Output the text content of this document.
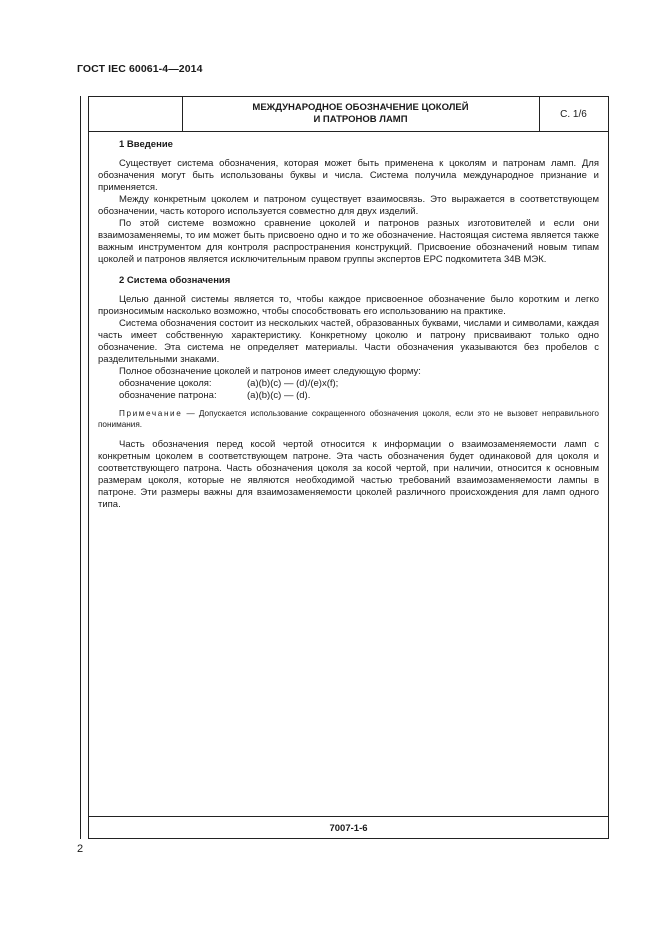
ГОСТ IEC 60061-4—2014
МЕЖДУНАРОДНОЕ ОБОЗНАЧЕНИЕ ЦОКОЛЕЙ
И ПАТРОНОВ ЛАМП	С. 1/6
1 Введение

Существует система обозначения, которая может быть применена к цоколям и патронам ламп. Для обозначения могут быть использованы буквы и числа. Система получила международное признание и применяется.

Между конкретным цоколем и патроном существует взаимосвязь. Это выражается в соответствующем обозначении, часть которого используется совместно для двух изделий.

По этой системе возможно сравнение цоколей и патронов разных изготовителей и если они взаимозаменяемы, то им может быть присвоено одно и то же обозначение. Настоящая система является также важным инструментом для контроля распространения конструкций. Присвоение обозначений новым типам цоколей и патронов является исключительным правом группы экспертов EPC подкомитета 34В МЭК.

2 Система обозначения

Целью данной системы является то, чтобы каждое присвоенное обозначение было коротким и легко произносимым насколько возможно, чтобы способствовать его использованию на практике.

Система обозначения состоит из нескольких частей, образованных буквами, числами и символами, каждая часть имеет собственную характеристику. Конкретному цоколю и патрону присваивают только одно обозначение. Эта система не определяет материалы. Части обозначения указываются без пробелов с разделительными знаками.

Полное обозначение цоколей и патронов имеет следующую форму:

обозначение цоколя:	(a)(b)(c) — (d)/(e)x(f);
обозначение патрона:	(a)(b)(c) — (d).

Примечание — Допускается использование сокращенного обозначения цоколя, если это не вызовет неправильного понимания.

Часть обозначения перед косой чертой относится к информации о взаимозаменяемости ламп с конкретным цоколем в соответствующем патроне. Эта часть обозначения будет одинаковой для цоколя и соответствующего патрона. Часть обозначения цоколя за косой чертой, при наличии, относится к основным размерам цоколя, которые не являются необходимой частью требований взаимозаменяемости лампы в патроне. Эти размеры важны для взаимозаменяемости цоколей различного происхождения для ламп одного типа.

7007-1-6
2
